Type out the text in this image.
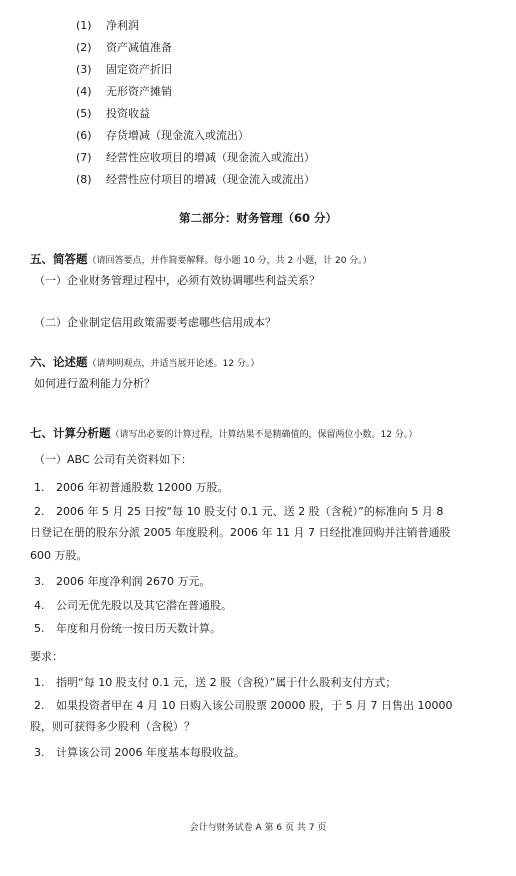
(1) 净利润
(2) 资产减值准备
(3) 固定资产折旧
(4) 无形资产摊销
(5) 投资收益
(6) 存货增减（现金流入或流出）
(7) 经营性应收项目的增减（现金流入或流出）
(8) 经营性应付项目的增减（现金流入或流出）
第二部分：财务管理（60 分）
五、简答题（请回答要点，并作简要解释。每小题 10 分，共 2 小题，计 20 分。）
（一）企业财务管理过程中，必须有效协调哪些利益关系？
（二）企业制定信用政策需要考虑哪些信用成本？
六、论述题（请判明观点，并适当展开论述。12 分。）
如何进行盈利能力分析？
七、计算分析题（请写出必要的计算过程，计算结果不是精确值的，保留两位小数。12 分。）
（一）ABC 公司有关资料如下：
1. 2006 年初普通股数 12000 万股。
2. 2006 年 5 月 25 日按“每 10 股支付 0.1 元、送 2 股（含税）”的标准向 5 月 8
日登记在册的股东分派 2005 年度股利。2006 年 11 月 7 日经批准回购并注销普通股
600 万股。
3. 2006 年度净利润 2670 万元。
4. 公司无优先股以及其它潜在普通股。
5. 年度和月份统一按日历天数计算。
要求：
1. 指明“每 10 股支付 0.1 元，送 2 股（含税）”属于什么股利支付方式；
2. 如果投资者甲在 4 月 10 日购入该公司股票 20000 股，于 5 月 7 日售出 10000
股，则可获得多少股利（含税）？
3. 计算该公司 2006 年度基本每股收益。
会计与财务试卷 A 第 6 页 共 7 页
